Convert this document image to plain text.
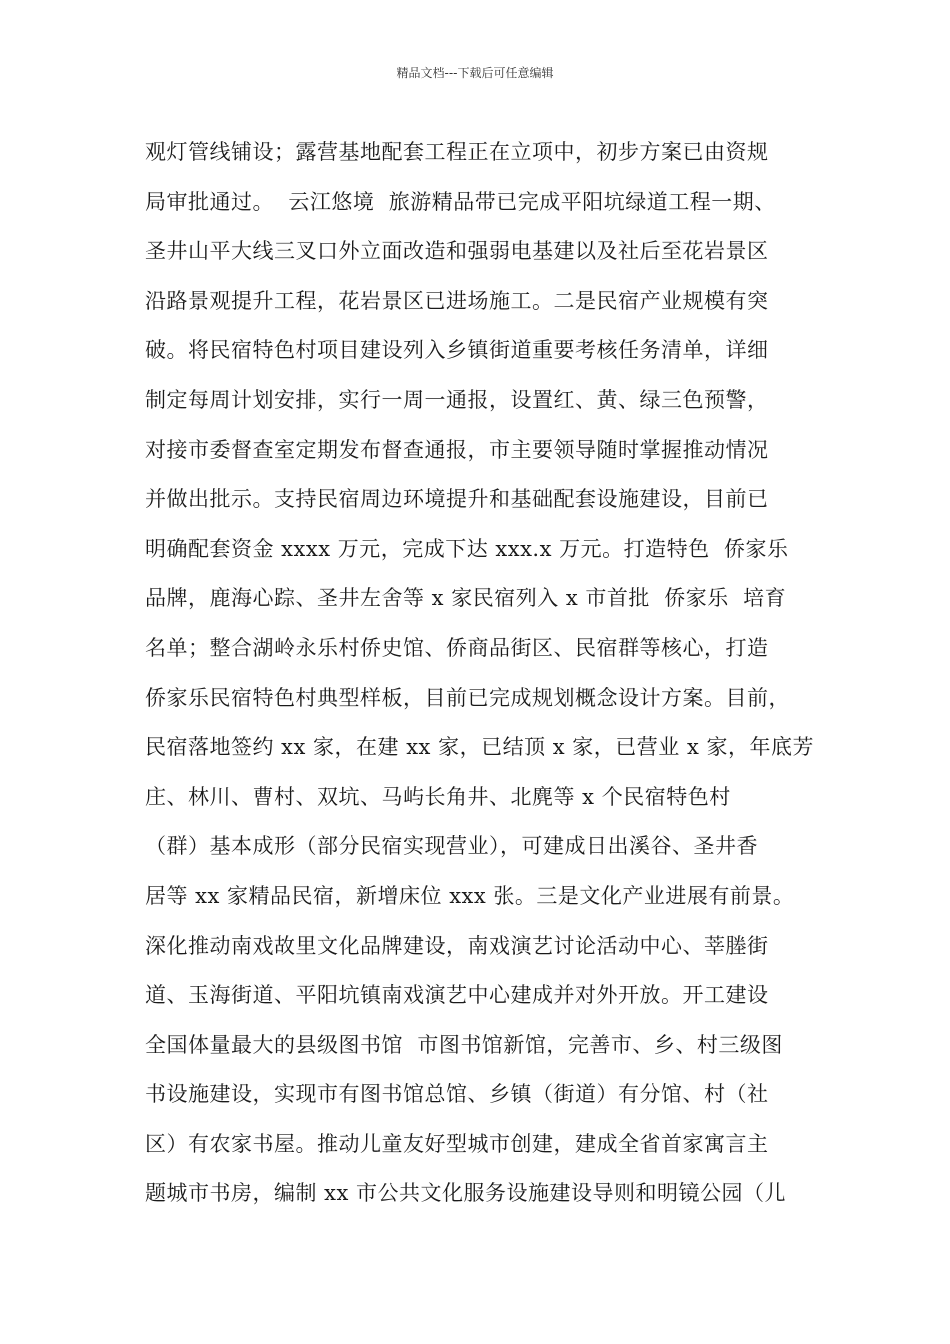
精品文档---下载后可任意编辑
观灯管线铺设；露营基地配套工程正在立项中，初步方案已由资规
局审批通过。  云江悠境  旅游精品带已完成平阳坑绿道工程一期、
圣井山平大线三叉口外立面改造和强弱电基建以及社后至花岩景区
沿路景观提升工程，花岩景区已进场施工。二是民宿产业规模有突
破。将民宿特色村项目建设列入乡镇街道重要考核任务清单，详细
制定每周计划安排，实行一周一通报，设置红、黄、绿三色预警，
对接市委督查室定期发布督查通报，市主要领导随时掌握推动情况
并做出批示。支持民宿周边环境提升和基础配套设施建设，目前已
明确配套资金 xxxx 万元，完成下达 xxx.x 万元。打造特色  侨家乐
品牌，鹿海心踪、圣井左舍等 x 家民宿列入 x 市首批  侨家乐  培育
名单；整合湖岭永乐村侨史馆、侨商品街区、民宿群等核心，打造
侨家乐民宿特色村典型样板，目前已完成规划概念设计方案。目前，
民宿落地签约 xx 家，在建 xx 家，已结顶 x 家，已营业 x 家，年底芳
庄、林川、曹村、双坑、马屿长角井、北麂等 x 个民宿特色村
（群）基本成形（部分民宿实现营业），可建成日出溪谷、圣井香
居等 xx 家精品民宿，新增床位 xxx 张。三是文化产业进展有前景。
深化推动南戏故里文化品牌建设，南戏演艺讨论活动中心、莘塍街
道、玉海街道、平阳坑镇南戏演艺中心建成并对外开放。开工建设
全国体量最大的县级图书馆  市图书馆新馆，完善市、乡、村三级图
书设施建设，实现市有图书馆总馆、乡镇（街道）有分馆、村（社
区）有农家书屋。推动儿童友好型城市创建，建成全省首家寓言主
题城市书房，编制 xx 市公共文化服务设施建设导则和明镜公园（儿
